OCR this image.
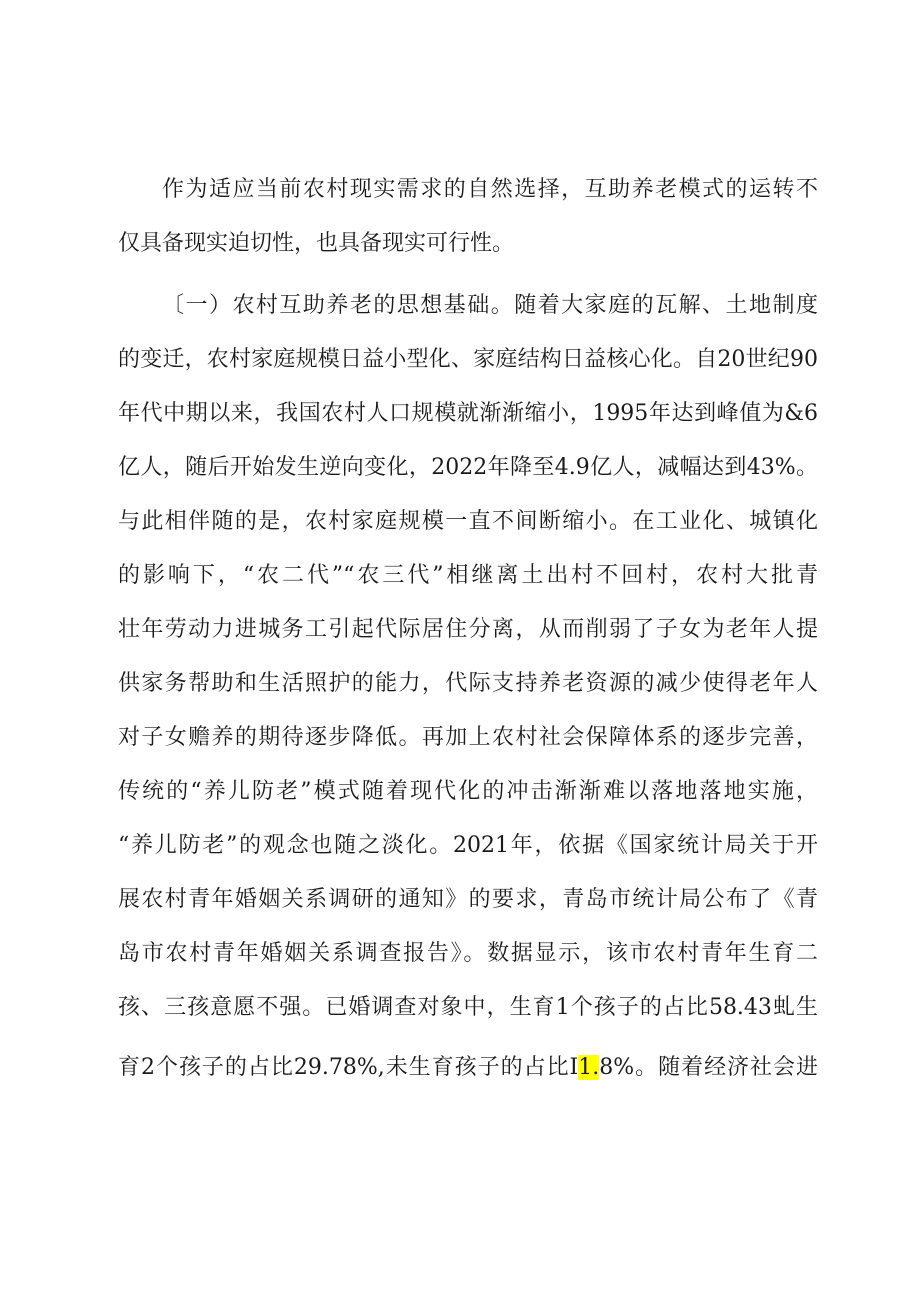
作为适应当前农村现实需求的自然选择，互助养老模式的运转不
仅具备现实迫切性，也具备现实可行性。
〔一）农村互助养老的思想基础。随着大家庭的瓦解、土地制度
的变迁，农村家庭规模日益小型化、家庭结构日益核心化。自20世纪90
年代中期以来，我国农村人口规模就渐渐缩小，1995年达到峰值为&6
亿人，随后开始发生逆向变化，2022年降至4.9亿人，减幅达到43%。
与此相伴随的是，农村家庭规模一直不间断缩小。在工业化、城镇化
的影响下，“农二代”“农三代”相继离土出村不回村，农村大批青
壮年劳动力进城务工引起代际居住分离，从而削弱了子女为老年人提
供家务帮助和生活照护的能力，代际支持养老资源的减少使得老年人
对子女赡养的期待逐步降低。再加上农村社会保障体系的逐步完善，
传统的“养儿防老”模式随着现代化的冲击渐渐难以落地落地实施，
“养儿防老”的观念也随之淡化。2021年，依据《国家统计局关于开
展农村青年婚姻关系调研的通知》的要求，青岛市统计局公布了《青
岛市农村青年婚姻关系调查报告》。数据显示，该市农村青年生育二
孩、三孩意愿不强。已婚调查对象中，生育1个孩子的占比58.43虬生
育2个孩子的占比29.78%,未生育孩子的占比I1.8%。随着经济社会进
